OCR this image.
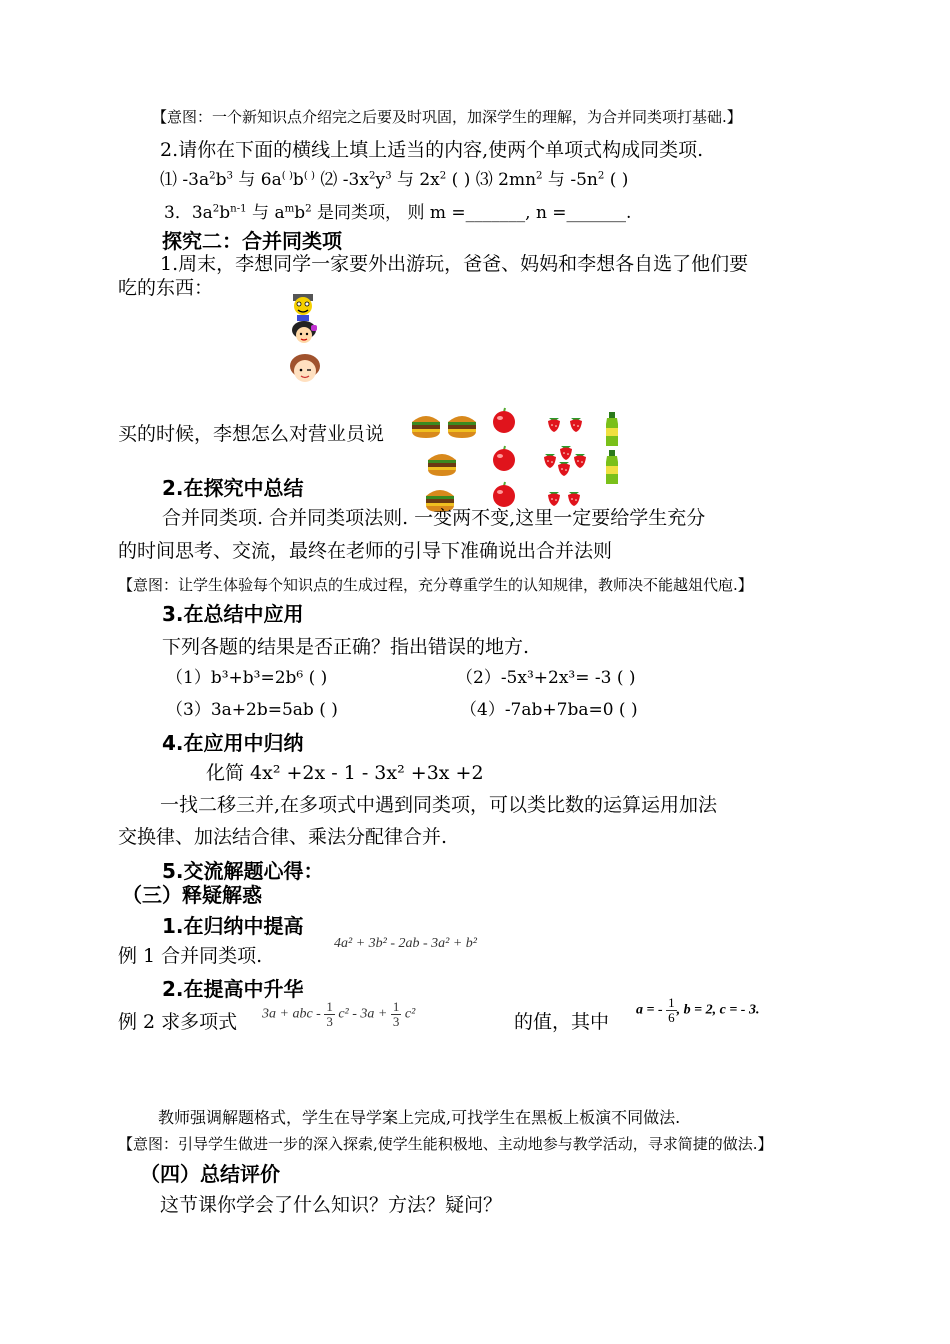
【意图：一个新知识点介绍完之后要及时巩固，加深学生的理解，为合并同类项打基础.】
2.请你在下面的横线上填上适当的内容,使两个单项式构成同类项.
⑴ $-3a^2b^3$ 与 6a( )b( ) ⑵ $-3x^2y^3$ 与 $2x^2$ ( ) ⑶ $2mn^2$ 与 $-5n^2$ ( )
3．$3a^2b^{n-1}$ 与 $a^mb^2$ 是同类项， 则 m =_______, n =_______.
探究二：合并同类项
1.周末，李想同学一家要外出游玩，爸爸、妈妈和李想各自选了他们要
吃的东西：
买的时候，李想怎么对营业员说
2.在探究中总结
合并同类项. 合并同类项法则. 一变两不变,这里一定要给学生充分
的时间思考、交流，最终在老师的引导下准确说出合并法则
【意图：让学生体验每个知识点的生成过程，充分尊重学生的认知规律，教师决不能越俎代庖.】
3.在总结中应用
下列各题的结果是否正确？指出错误的地方.
（1）b³+b³=2b⁶ ( )	（2）-5x³+2x³= -3 ( )
（3）3a+2b=5ab ( )	（4）-7ab+7ba=0 ( )
4.在应用中归纳
化简 4x² +2x - 1 - 3x² +3x +2
一找二移三并,在多项式中遇到同类项，可以类比数的运算运用加法
交换律、加法结合律、乘法分配律合并.
5.交流解题心得：
（三）释疑解惑
1.在归纳中提高
例 1 合并同类项.
4a² + 3b² - 2ab - 3a² + b²
2.在提高中升华
例 2 求多项式 3a + abc - $\frac{1}{3} c^2 - 3a + \frac{1}{3} c^2$	的值，其中
a = - $\frac{1}{6}$ , b = 2, c = - 3.
教师强调解题格式，学生在导学案上完成,可找学生在黑板上板演不同做法.
【意图：引导学生做进一步的深入探索,使学生能积极地、主动地参与教学活动，寻求简捷的做法.】
（四）总结评价
这节课你学会了什么知识？方法？疑问？
